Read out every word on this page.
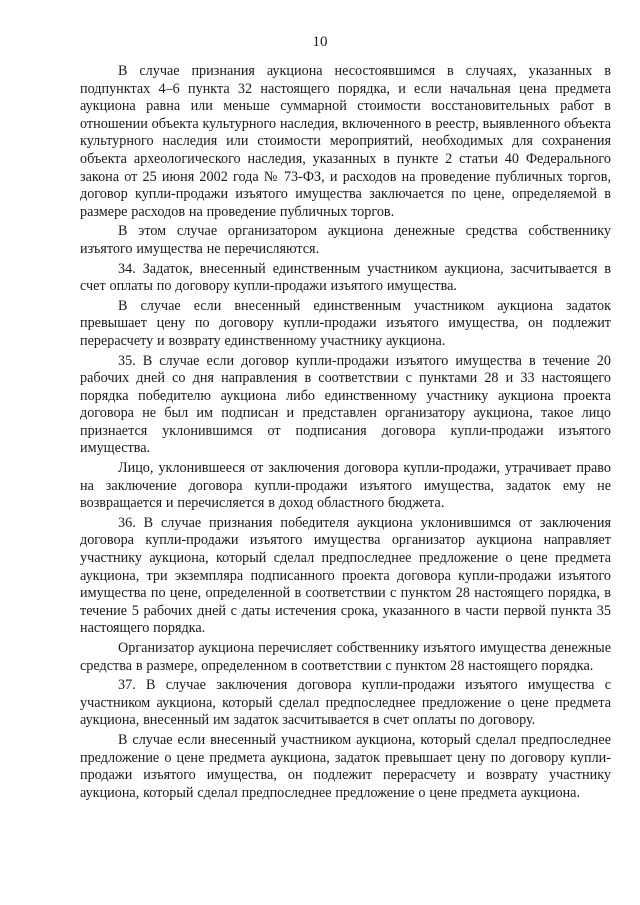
10

В случае признания аукциона несостоявшимся в случаях, указанных в подпунктах 4–6 пункта 32 настоящего порядка, и если начальная цена предмета аукциона равна или меньше суммарной стоимости восстановительных работ в отношении объекта культурного наследия, включенного в реестр, выявленного объекта культурного наследия или стоимости мероприятий, необходимых для сохранения объекта археологического наследия, указанных в пункте 2 статьи 40 Федерального закона от 25 июня 2002 года № 73-ФЗ, и расходов на проведение публичных торгов, договор купли-продажи изъятого имущества заключается по цене, определяемой в размере расходов на проведение публичных торгов.

В этом случае организатором аукциона денежные средства собственнику изъятого имущества не перечисляются.

34. Задаток, внесенный единственным участником аукциона, засчитывается в счет оплаты по договору купли-продажи изъятого имущества.

В случае если внесенный единственным участником аукциона задаток превышает цену по договору купли-продажи изъятого имущества, он подлежит перерасчету и возврату единственному участнику аукциона.

35. В случае если договор купли-продажи изъятого имущества в течение 20 рабочих дней со дня направления в соответствии с пунктами 28 и 33 настоящего порядка победителю аукциона либо единственному участнику аукциона проекта договора не был им подписан и представлен организатору аукциона, такое лицо признается уклонившимся от подписания договора купли-продажи изъятого имущества.

Лицо, уклонившееся от заключения договора купли-продажи, утрачивает право на заключение договора купли-продажи изъятого имущества, задаток ему не возвращается и перечисляется в доход областного бюджета.

36. В случае признания победителя аукциона уклонившимся от заключения договора купли-продажи изъятого имущества организатор аукциона направляет участнику аукциона, который сделал предпоследнее предложение о цене предмета аукциона, три экземпляра подписанного проекта договора купли-продажи изъятого имущества по цене, определенной в соответствии с пунктом 28 настоящего порядка, в течение 5 рабочих дней с даты истечения срока, указанного в части первой пункта 35 настоящего порядка.

Организатор аукциона перечисляет собственнику изъятого имущества денежные средства в размере, определенном в соответствии с пунктом 28 настоящего порядка.

37. В случае заключения договора купли-продажи изъятого имущества с участником аукциона, который сделал предпоследнее предложение о цене предмета аукциона, внесенный им задаток засчитывается в счет оплаты по договору.

В случае если внесенный участником аукциона, который сделал предпоследнее предложение о цене предмета аукциона, задаток превышает цену по договору купли-продажи изъятого имущества, он подлежит перерасчету и возврату участнику аукциона, который сделал предпоследнее предложение о цене предмета аукциона.
